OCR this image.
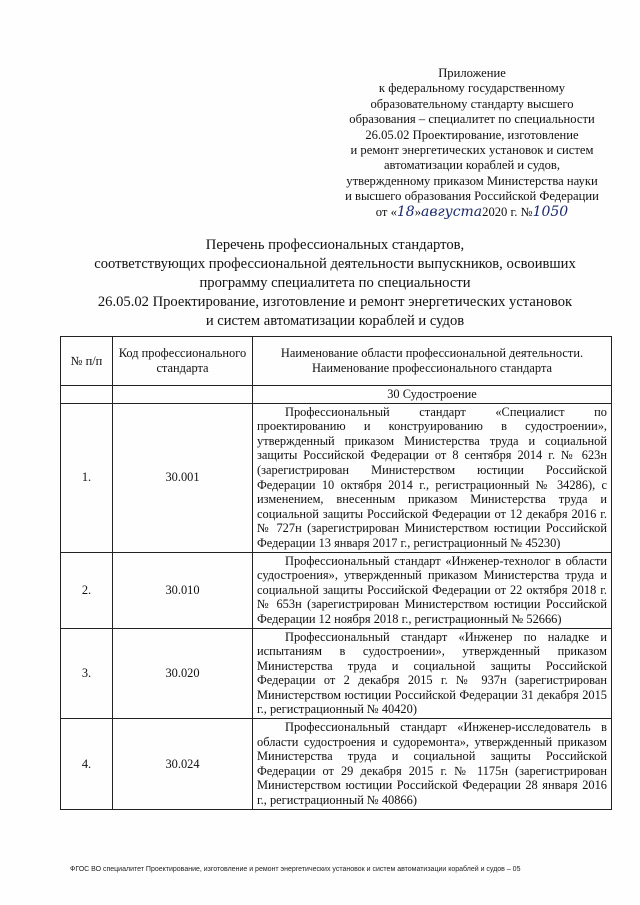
Приложение
к федеральному государственному
образовательному стандарту высшего
образования – специалитет по специальности
26.05.02 Проектирование, изготовление
и ремонт энергетических установок и систем
автоматизации кораблей и судов,
утвержденному приказом Министерства науки
и высшего образования Российской Федерации
от «18»августа2020 г. №1050
Перечень профессиональных стандартов,
соответствующих профессиональной деятельности выпускников, освоивших
программу специалитета по специальности
26.05.02 Проектирование, изготовление и ремонт энергетических установок
и систем автоматизации кораблей и судов
№ п/п	Код профессионального стандарта	Наименование области профессиональной деятельности. Наименование профессионального стандарта
		30 Судостроение
1.	30.001	Профессиональный стандарт «Специалист по проектированию и конструированию в судостроении», утвержденный приказом Министерства труда и социальной защиты Российской Федерации от 8 сентября 2014 г. № 623н (зарегистрирован Министерством юстиции Российской Федерации 10 октября 2014 г., регистрационный № 34286), с изменением, внесенным приказом Министерства труда и социальной защиты Российской Федерации от 12 декабря 2016 г. № 727н (зарегистрирован Министерством юстиции Российской Федерации 13 января 2017 г., регистрационный № 45230)
2.	30.010	Профессиональный стандарт «Инженер-технолог в области судостроения», утвержденный приказом Министерства труда и социальной защиты Российской Федерации от 22 октября 2018 г. № 653н (зарегистрирован Министерством юстиции Российской Федерации 12 ноября 2018 г., регистрационный № 52666)
3.	30.020	Профессиональный стандарт «Инженер по наладке и испытаниям в судостроении», утвержденный приказом Министерства труда и социальной защиты Российской Федерации от 2 декабря 2015 г. № 937н (зарегистрирован Министерством юстиции Российской Федерации 31 декабря 2015 г., регистрационный № 40420)
4.	30.024	Профессиональный стандарт «Инженер-исследователь в области судостроения и судоремонта», утвержденный приказом Министерства труда и социальной защиты Российской Федерации от 29 декабря 2015 г. № 1175н (зарегистрирован Министерством юстиции Российской Федерации 28 января 2016 г., регистрационный № 40866)
ФГОС ВО специалитет Проектирование, изготовление и ремонт энергетических установок и систем автоматизации кораблей и судов – 05
